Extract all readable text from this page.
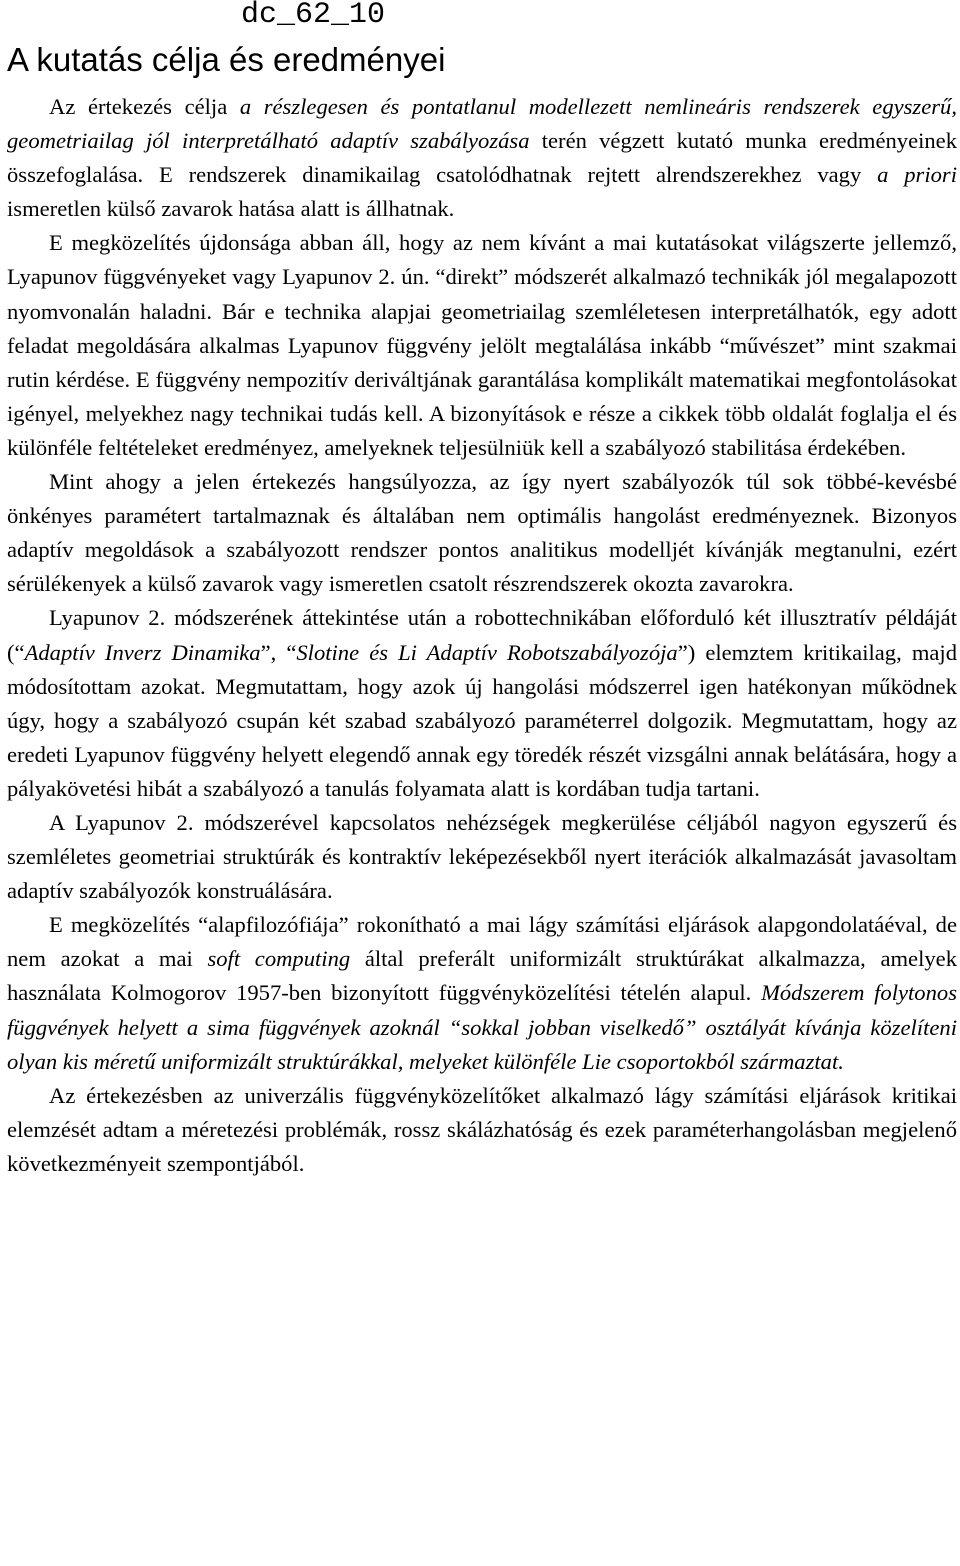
dc_62_10
A kutatás célja és eredményei

Az értekezés célja a részlegesen és pontatlanul modellezett nemlineáris rendszerek egyszerű, geometriailag jól interpretálható adaptív szabályozása terén végzett kutató munka eredményeinek összefoglalása. E rendszerek dinamikailag csatolódhatnak rejtett alrendszerekhez vagy a priori ismeretlen külső zavarok hatása alatt is állhatnak.

E megközelítés újdonsága abban áll, hogy az nem kívánt a mai kutatásokat világszerte jellemző, Lyapunov függvényeket vagy Lyapunov 2. ún. “direkt” módszerét alkalmazó technikák jól megalapozott nyomvonalán haladni. Bár e technika alapjai geometriailag szemléletesen interpretálhatók, egy adott feladat megoldására alkalmas Lyapunov függvény jelölt megtalálása inkább “művészet” mint szakmai rutin kérdése. E függvény nempozitív deriváltjának garantálása komplikált matematikai megfontolásokat igényel, melyekhez nagy technikai tudás kell. A bizonyítások e része a cikkek több oldalát foglalja el és különféle feltételeket eredményez, amelyeknek teljesülniük kell a szabályozó stabilitása érdekében.

Mint ahogy a jelen értekezés hangsúlyozza, az így nyert szabályozók túl sok többé-kevésbé önkényes paramétert tartalmaznak és általában nem optimális hangolást eredményeznek. Bizonyos adaptív megoldások a szabályozott rendszer pontos analitikus modelljét kívánják megtanulni, ezért sérülékenyek a külső zavarok vagy ismeretlen csatolt részrendszerek okozta zavarokra.

Lyapunov 2. módszerének áttekintése után a robottechnikában előforduló két illusztratív példáját (“Adaptív Inverz Dinamika”, “Slotine és Li Adaptív Robotszabályozója”) elemztem kritikailag, majd módosítottam azokat. Megmutattam, hogy azok új hangolási módszerrel igen hatékonyan működnek úgy, hogy a szabályozó csupán két szabad szabályozó paraméterrel dolgozik. Megmutattam, hogy az eredeti Lyapunov függvény helyett elegendő annak egy töredék részét vizsgálni annak belátására, hogy a pályakövetési hibát a szabályozó a tanulás folyamata alatt is kordában tudja tartani.

A Lyapunov 2. módszerével kapcsolatos nehézségek megkerülése céljából nagyon egyszerű és szemléletes geometriai struktúrák és kontraktív leképezésekből nyert iterációk alkalmazását javasoltam adaptív szabályozók konstruálására.

E megközelítés “alapfilozófiája” rokonítható a mai lágy számítási eljárások alapgondolatáéval, de nem azokat a mai soft computing által preferált uniformizált struktúrákat alkalmazza, amelyek használata Kolmogorov 1957-ben bizonyított függvényközelítési tételén alapul. Módszerem folytonos függvények helyett a sima függvények azoknál “sokkal jobban viselkedő” osztályát kívánja közelíteni olyan kis méretű uniformizált struktúrákkal, melyeket különféle Lie csoportokból származtat.

Az értekezésben az univerzális függvényközelítőket alkalmazó lágy számítási eljárások kritikai elemzését adtam a méretezési problémák, rossz skálázhatóság és ezek paraméterhangolásban megjelenő következményeit szempontjából.
